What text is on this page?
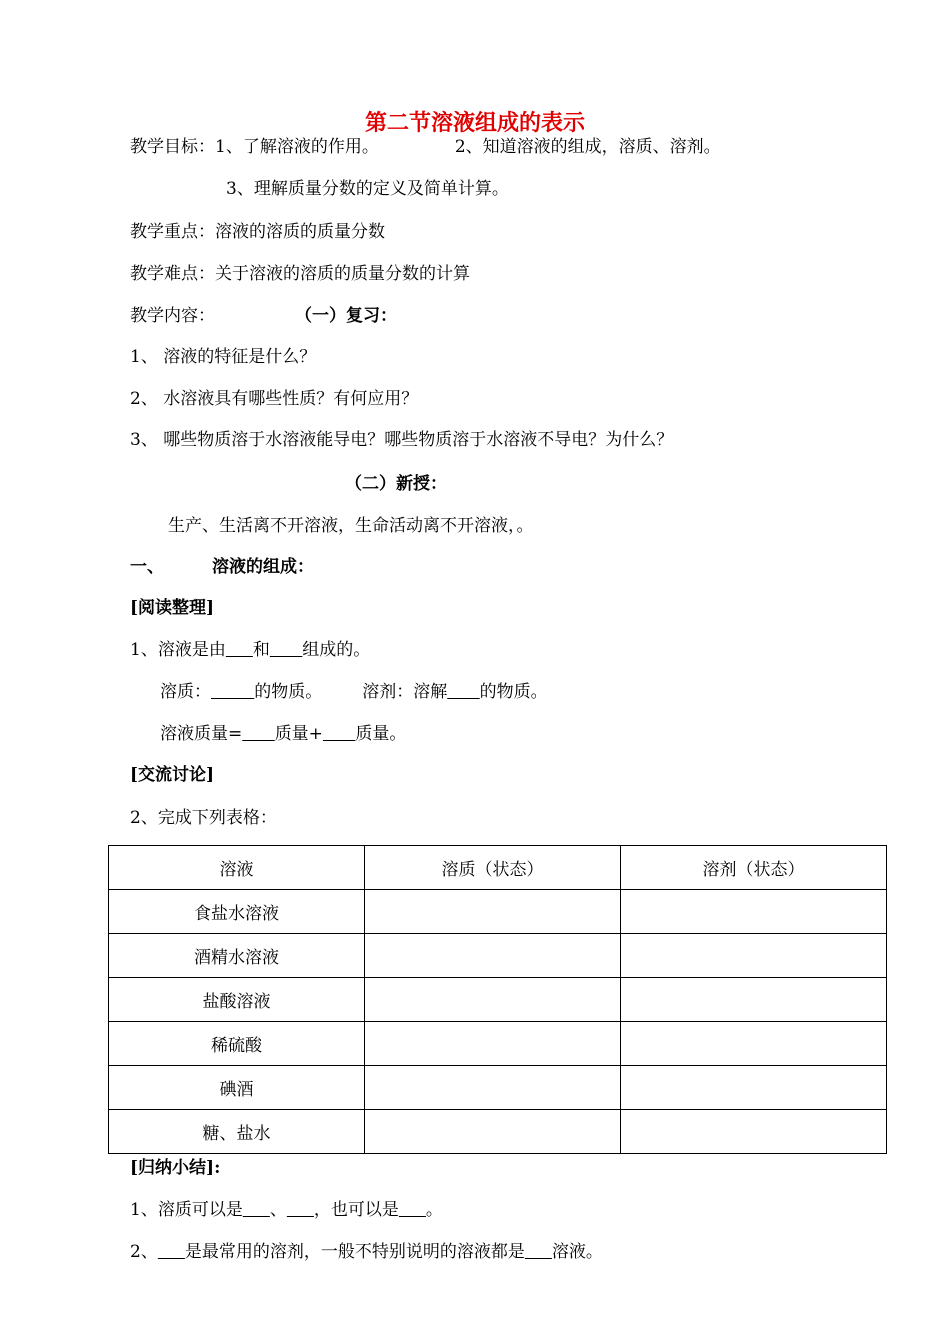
第二节溶液组成的表示
教学目标：1、了解溶液的作用。	2、知道溶液的组成，溶质、溶剂。
3、理解质量分数的定义及简单计算。
教学重点：溶液的溶质的质量分数
教学难点：关于溶液的溶质的质量分数的计算
教学内容：	（一）复习：
1、 溶液的特征是什么？
2、 水溶液具有哪些性质？有何应用？
3、 哪些物质溶于水溶液能导电？哪些物质溶于水溶液不导电？为什么？
（二）新授：
生产、生活离不开溶液，生命活动离不开溶液，。
一、	溶液的组成：
[阅读整理]
1、溶液是由 和 组成的。
溶质：	的物质。 溶剂：溶解 的物质。
溶液质量= 质量+ 质量。
[交流讨论]
2、完成下列表格：
溶液	溶质（状态）	溶剂（状态）
食盐水溶液		
酒精水溶液		
盐酸溶液		
稀硫酸		
碘酒		
糖、盐水		
[归纳小结]:
1、溶质可以是 、 ，也可以是 。
2、 是最常用的溶剂，一般不特别说明的溶液都是 溶液。
